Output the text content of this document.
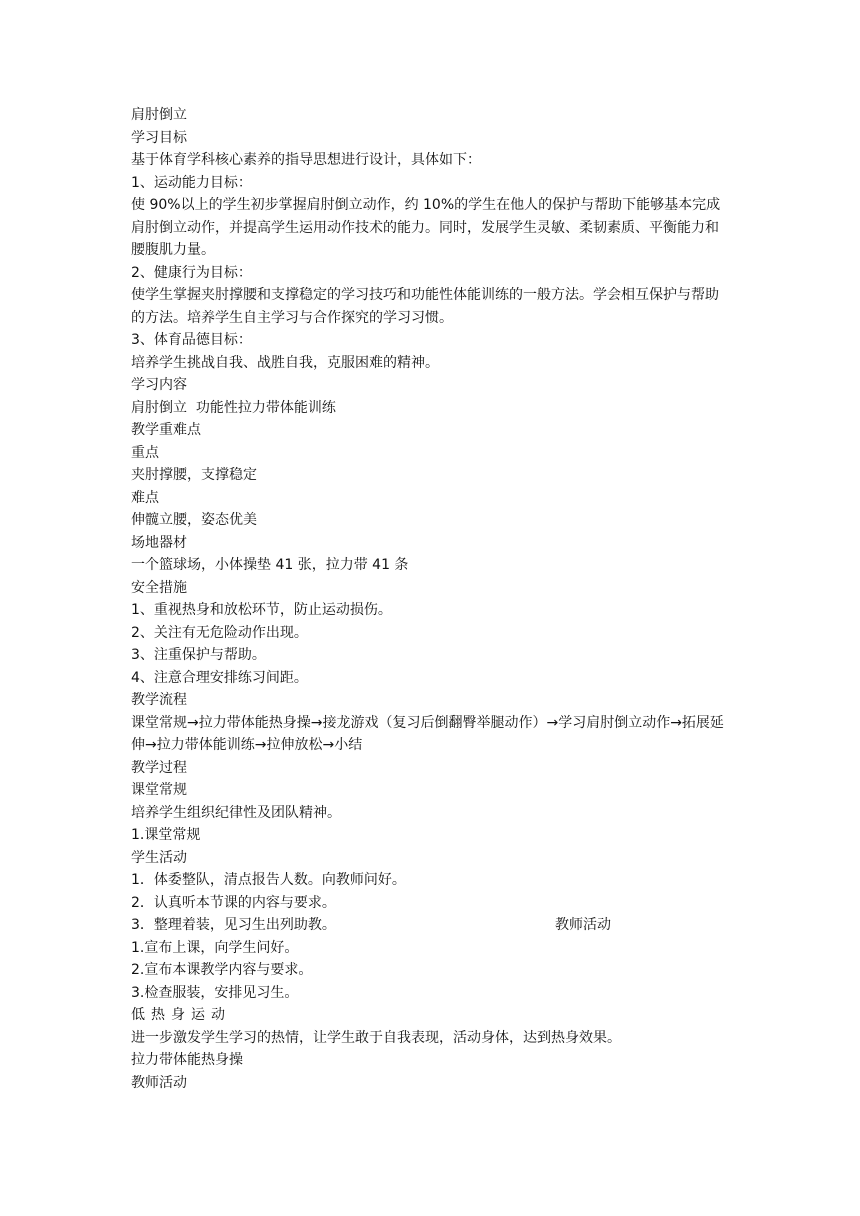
肩肘倒立
学习目标
基于体育学科核心素养的指导思想进行设计，具体如下：
1、运动能力目标：
使 90%以上的学生初步掌握肩肘倒立动作，约 10%的学生在他人的保护与帮助下能够基本完成肩肘倒立动作，并提高学生运用动作技术的能力。同时，发展学生灵敏、柔韧素质、平衡能力和腰腹肌力量。
2、健康行为目标：
使学生掌握夹肘撑腰和支撑稳定的学习技巧和功能性体能训练的一般方法。学会相互保护与帮助的方法。培养学生自主学习与合作探究的学习习惯。
3、体育品德目标：
培养学生挑战自我、战胜自我，克服困难的精神。
学习内容
肩肘倒立  功能性拉力带体能训练
教学重难点
重点
夹肘撑腰，支撑稳定
难点
伸髋立腰，姿态优美
场地器材
一个篮球场，小体操垫 41 张，拉力带 41 条
安全措施
1、重视热身和放松环节，防止运动损伤。
2、关注有无危险动作出现。
3、注重保护与帮助。
4、注意合理安排练习间距。
教学流程
课堂常规→拉力带体能热身操→接龙游戏（复习后倒翻臀举腿动作）→学习肩肘倒立动作→拓展延伸→拉力带体能训练→拉伸放松→小结
教学过程
课堂常规
培养学生组织纪律性及团队精神。
1.课堂常规
学生活动
1．体委整队，清点报告人数。向教师问好。
2．认真听本节课的内容与要求。
3．整理着装，见习生出列助教。	教师活动
1.宣布上课，向学生问好。
2.宣布本课教学内容与要求。
3.检查服装，安排见习生。
低热身运动
进一步激发学生学习的热情，让学生敢于自我表现，活动身体，达到热身效果。
拉力带体能热身操
教师活动
